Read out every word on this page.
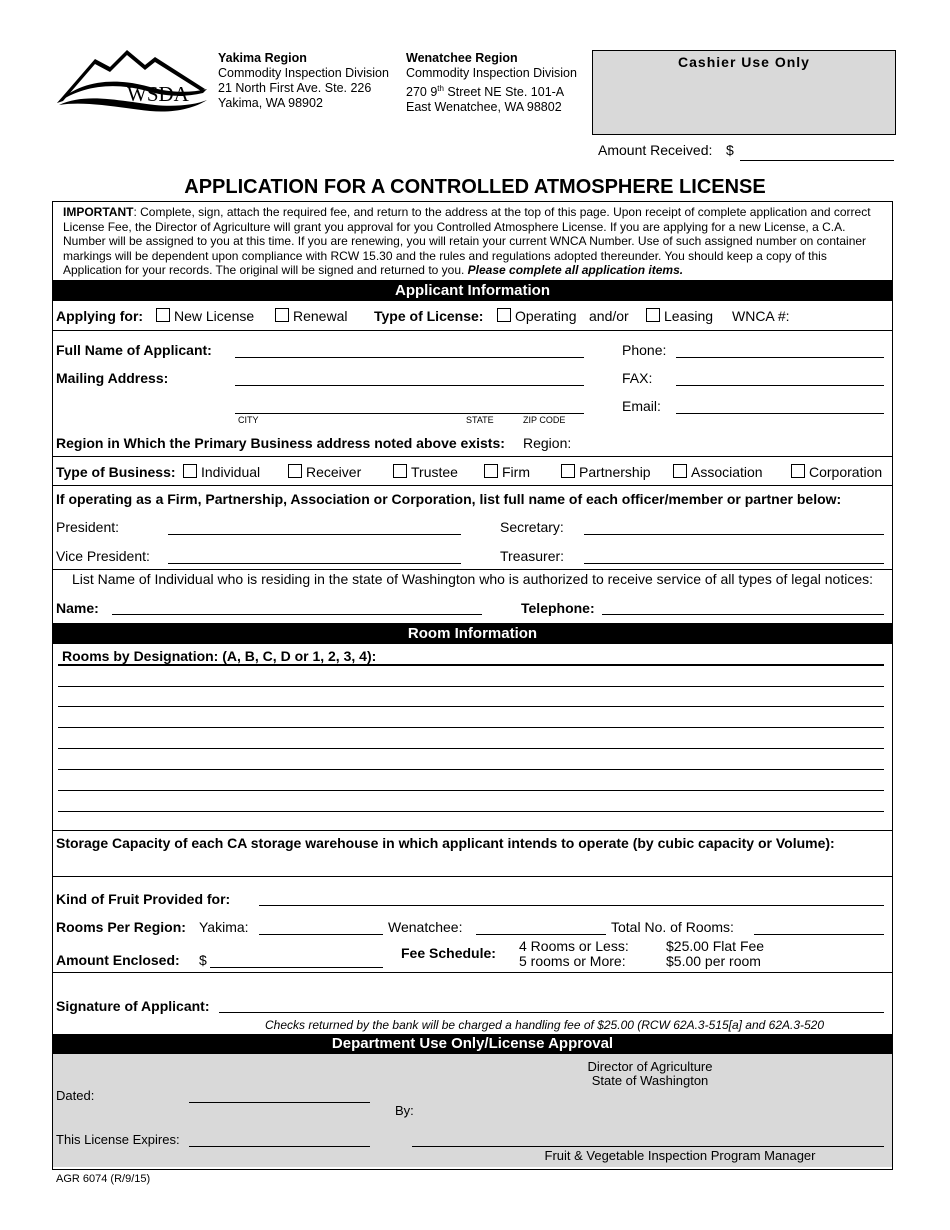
WSDA
Yakima Region
Commodity Inspection Division
21 North First Ave. Ste. 226
Yakima, WA 98902
Wenatchee Region
Commodity Inspection Division
270 9th Street NE Ste. 101-A
East Wenatchee, WA 98802
Cashier Use Only
Amount Received: $
APPLICATION FOR A CONTROLLED ATMOSPHERE LICENSE
IMPORTANT: Complete, sign, attach the required fee, and return to the address at the top of this page. Upon receipt of complete application and correct License Fee, the Director of Agriculture will grant you approval for you Controlled Atmosphere License. If you are applying for a new License, a C.A. Number will be assigned to you at this time. If you are renewing, you will retain your current WNCA Number. Use of such assigned number on container markings will be dependent upon compliance with RCW 15.30 and the rules and regulations adopted thereunder. You should keep a copy of this Application for your records. The original will be signed and returned to you. Please complete all application items.
Applicant Information
Applying for:	New License	Renewal Type of License:	Operating and/or	Leasing WNCA #:
Full Name of Applicant:
Mailing Address:
CITY	STATE	ZIP CODE
Phone:
FAX:
Email:
Region in Which the Primary Business address noted above exists: Region:
Type of Business:	Individual	Receiver	Trustee	Firm	Partnership	Association	Corporation
If operating as a Firm, Partnership, Association or Corporation, list full name of each officer/member or partner below:
President:	Secretary:
Vice President:	Treasurer:
List Name of Individual who is residing in the state of Washington who is authorized to receive service of all types of legal notices:
Name:	Telephone:
Room Information
Rooms by Designation: (A, B, C, D or 1, 2, 3, 4):
Storage Capacity of each CA storage warehouse in which applicant intends to operate (by cubic capacity or Volume):
Kind of Fruit Provided for:
Rooms Per Region: Yakima:	Wenatchee:	Total No. of Rooms:
Amount Enclosed: $	Fee Schedule: 4 Rooms or Less:	$25.00 Flat Fee
5 rooms or More:	$5.00 per room
Signature of Applicant:
Checks returned by the bank will be charged a handling fee of $25.00 (RCW 62A.3-515[a] and 62A.3-520
Department Use Only/License Approval
Director of Agriculture
State of Washington
Dated:
By:
This License Expires:
Fruit & Vegetable Inspection Program Manager
AGR 6074 (R/9/15)
